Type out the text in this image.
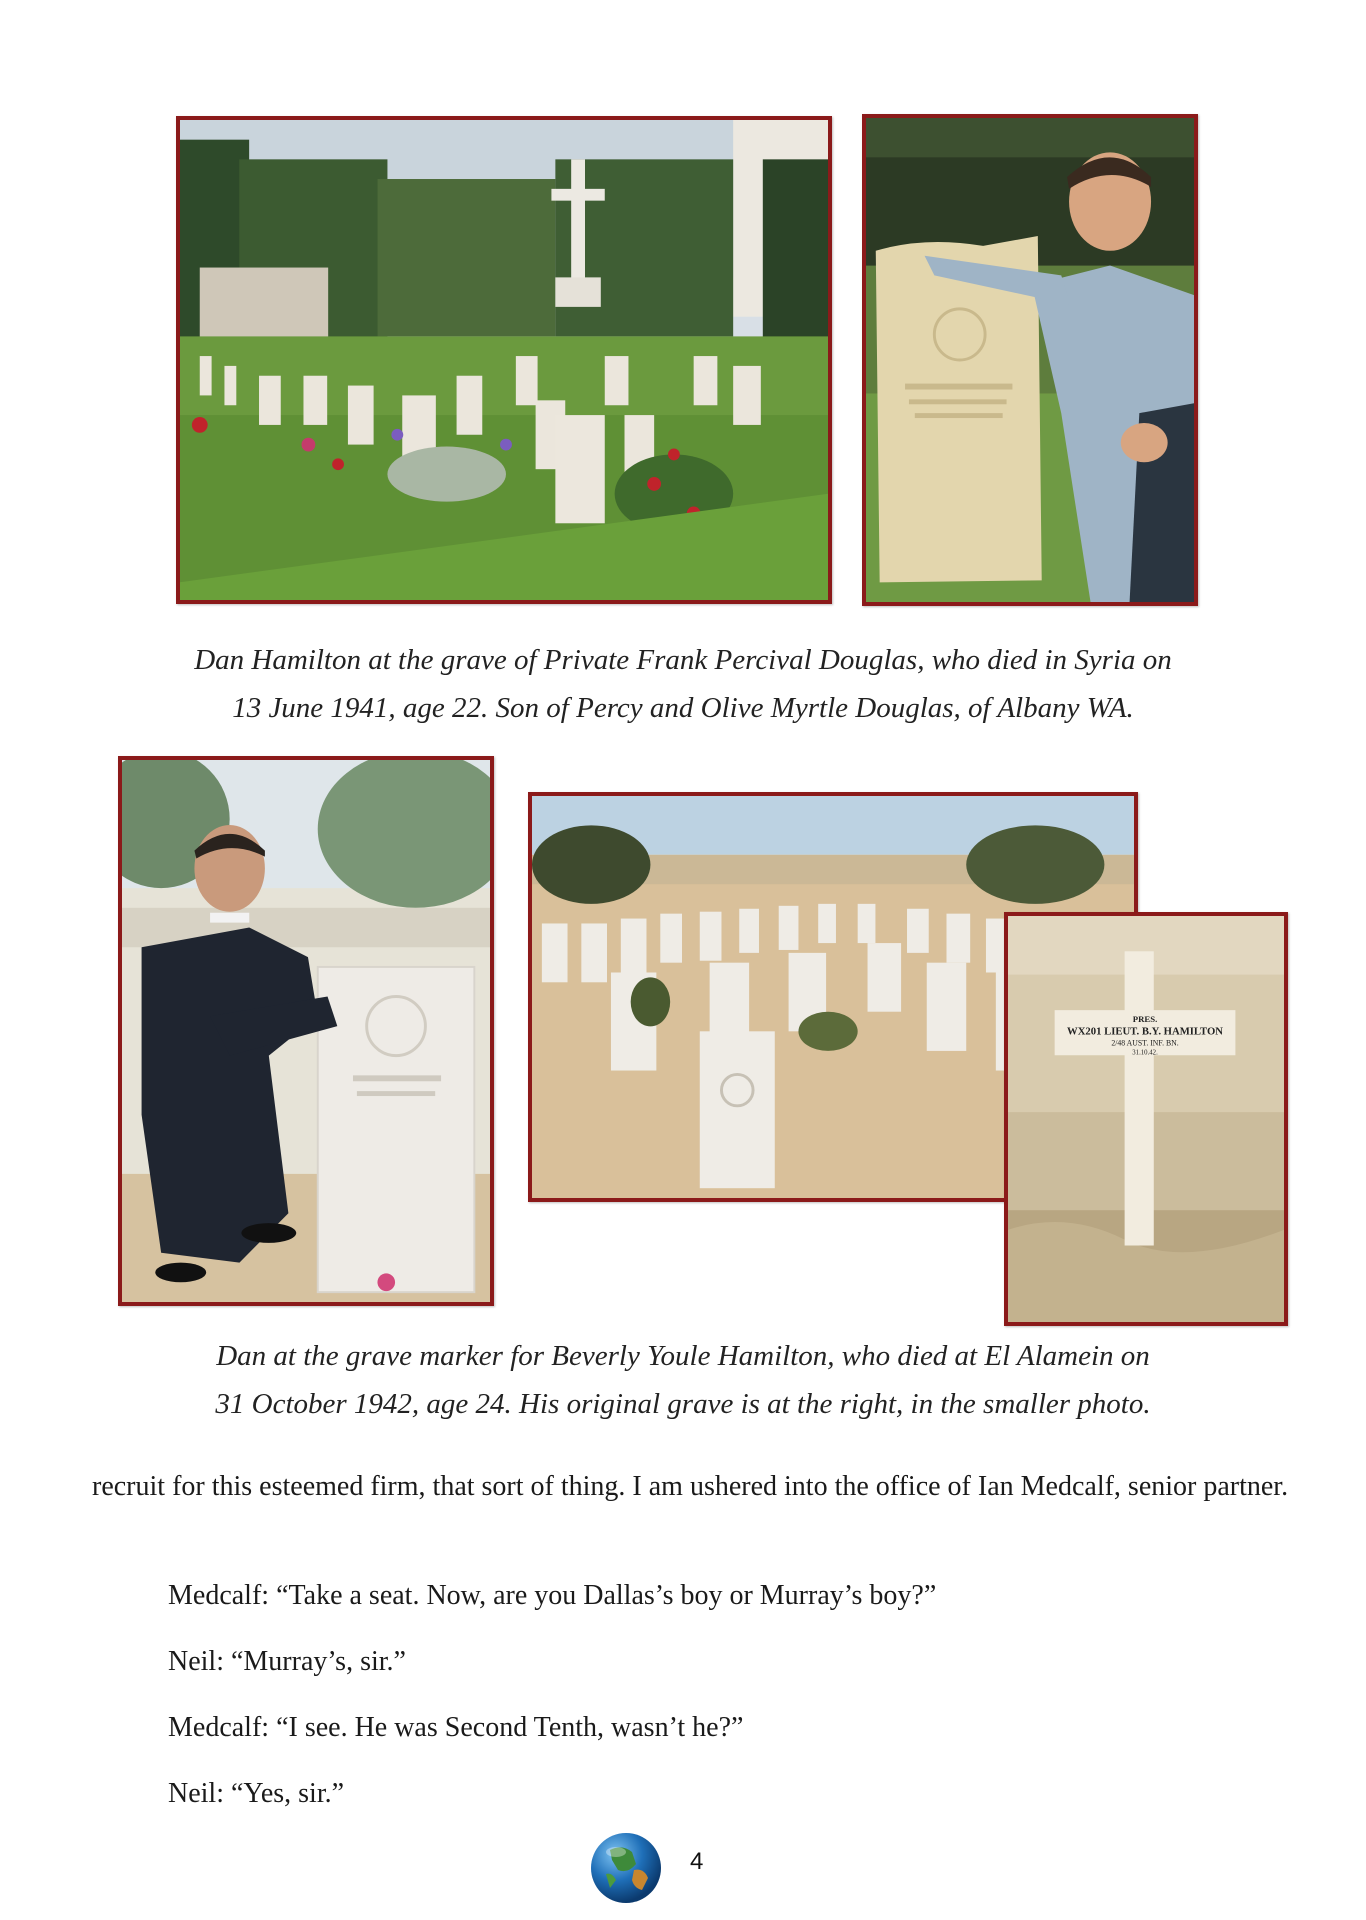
PRES.
WX201 LIEUT. B.Y. HAMILTON
2/48 AUST. INF. BN.
31.10.42.
Dan Hamilton at the grave of Private Frank Percival Douglas, who died in Syria on
13 June 1941, age 22. Son of Percy and Olive Myrtle Douglas, of Albany WA.
Dan at the grave marker for Beverly Youle Hamilton, who died at El Alamein on
31 October 1942, age 24. His original grave is at the right, in the smaller photo.

recruit for this esteemed firm, that sort of thing. I am ushered into the office of Ian Medcalf, senior partner.

Medcalf: “Take a seat. Now, are you Dallas’s boy or Murray’s boy?”
Neil: “Murray’s, sir.”
Medcalf: “I see. He was Second Tenth, wasn’t he?”
Neil: “Yes, sir.”
4
